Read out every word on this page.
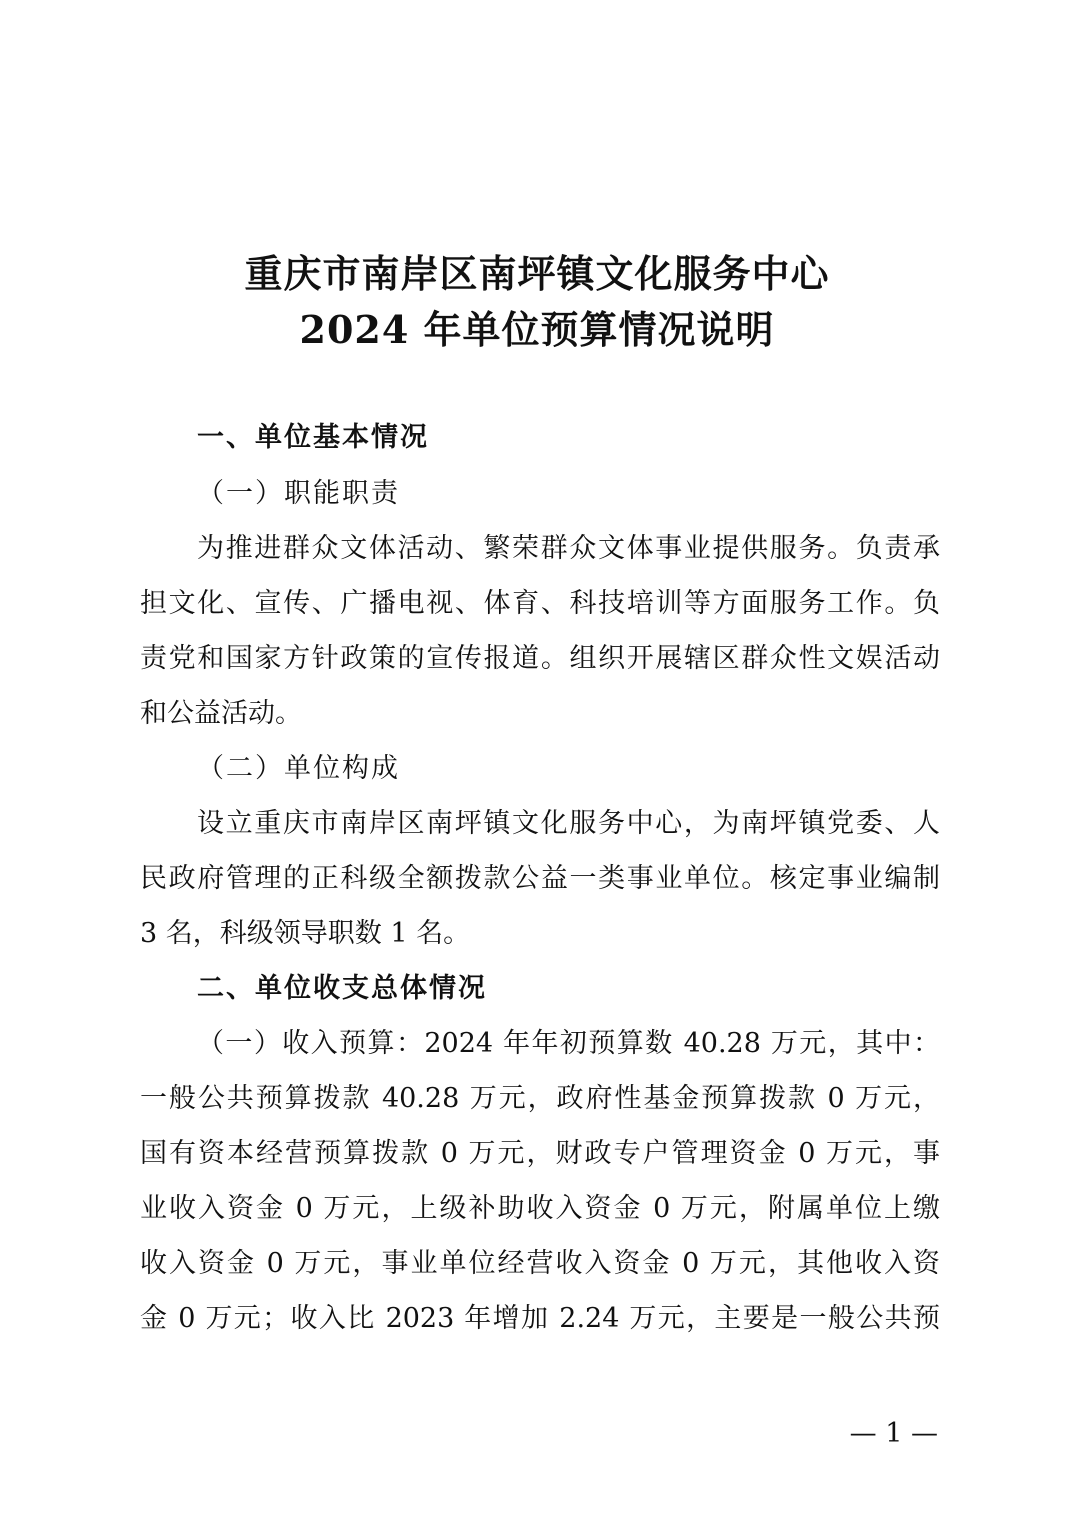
重庆市南岸区南坪镇文化服务中心
2024 年单位预算情况说明
一、单位基本情况
（一）职能职责
为推进群众文体活动、繁荣群众文体事业提供服务。负责承
担文化、宣传、广播电视、体育、科技培训等方面服务工作。负
责党和国家方针政策的宣传报道。组织开展辖区群众性文娱活动
和公益活动。
（二）单位构成
设立重庆市南岸区南坪镇文化服务中心，为南坪镇党委、人
民政府管理的正科级全额拨款公益一类事业单位。核定事业编制
3 名，科级领导职数 1 名。
二、单位收支总体情况
（一）收入预算：2024 年年初预算数 40.28 万元，其中：
一般公共预算拨款 40.28 万元，政府性基金预算拨款 0 万元，
国有资本经营预算拨款 0 万元，财政专户管理资金 0 万元，事
业收入资金 0 万元，上级补助收入资金 0 万元，附属单位上缴
收入资金 0 万元，事业单位经营收入资金 0 万元，其他收入资
金 0 万元；收入比 2023 年增加 2.24 万元，主要是一般公共预
— 1 —
